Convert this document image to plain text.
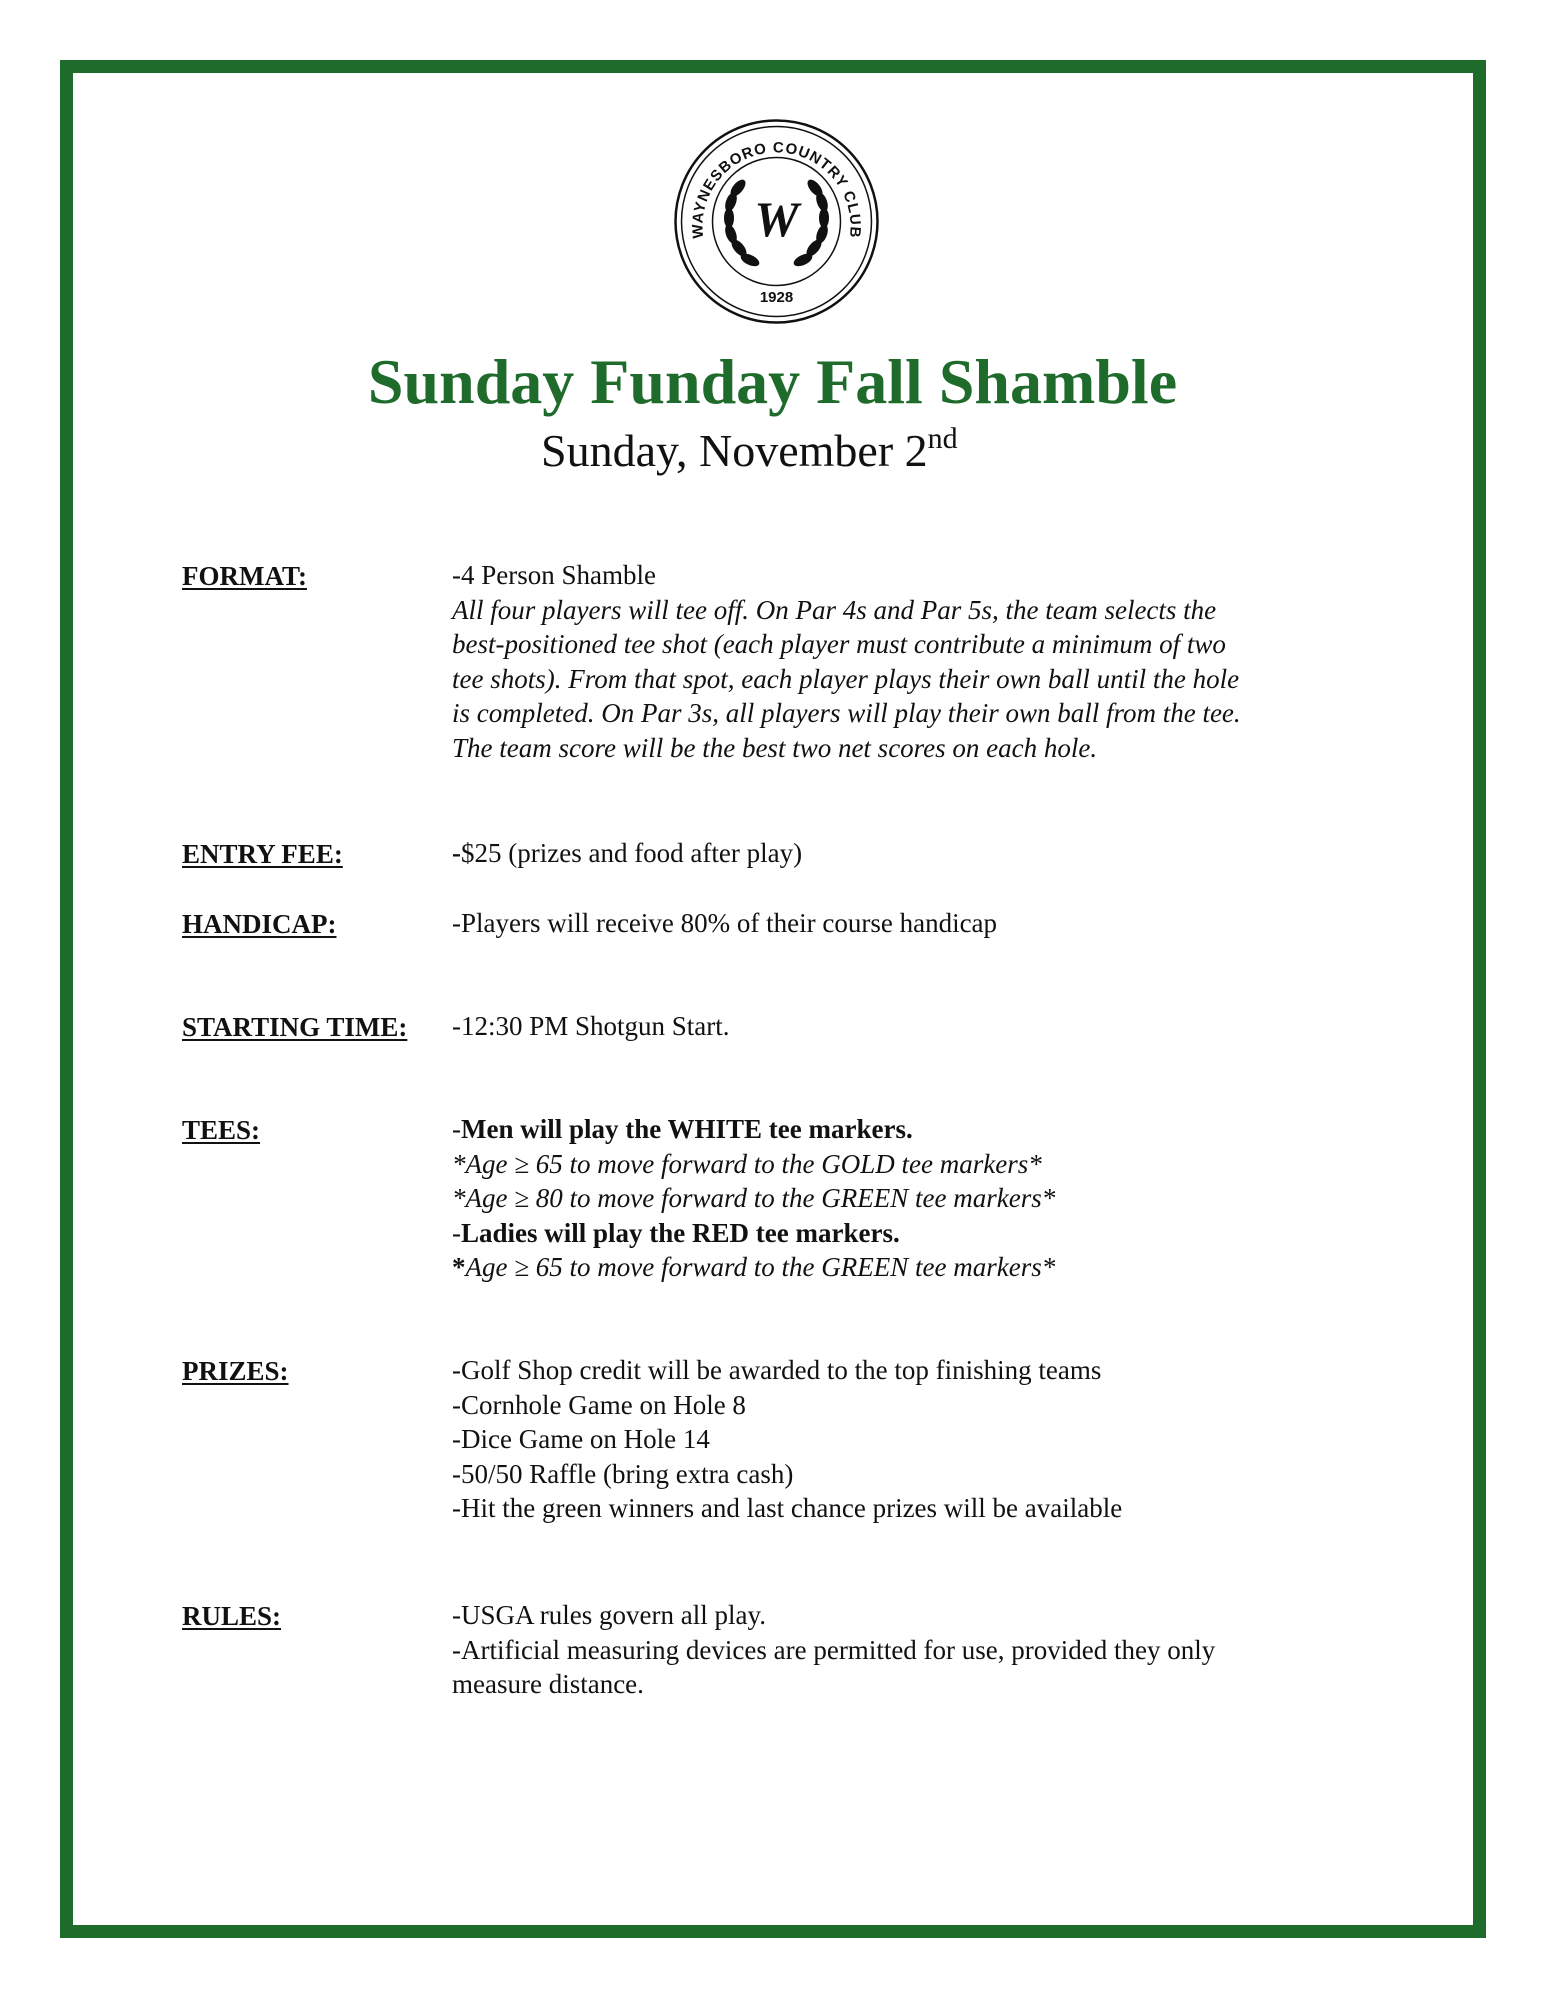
WAYNESBORO COUNTRY CLUB
W
1928
Sunday Funday Fall Shamble
Sunday, November 2nd
FORMAT:	-4 Person Shamble
All four players will tee off. On Par 4s and Par 5s, the team selects the
best-positioned tee shot (each player must contribute a minimum of two
tee shots). From that spot, each player plays their own ball until the hole
is completed. On Par 3s, all players will play their own ball from the tee.
The team score will be the best two net scores on each hole.
ENTRY FEE:	-$25 (prizes and food after play)
HANDICAP:	-Players will receive 80% of their course handicap
STARTING TIME: -12:30 PM Shotgun Start.
TEES:	-Men will play the WHITE tee markers.
*Age ≥ 65 to move forward to the GOLD tee markers*
*Age ≥ 80 to move forward to the GREEN tee markers*
-Ladies will play the RED tee markers.
*Age ≥ 65 to move forward to the GREEN tee markers*
PRIZES:	-Golf Shop credit will be awarded to the top finishing teams
-Cornhole Game on Hole 8
-Dice Game on Hole 14
-50/50 Raffle (bring extra cash)
-Hit the green winners and last chance prizes will be available
RULES:	-USGA rules govern all play.
-Artificial measuring devices are permitted for use, provided they only
measure distance.
